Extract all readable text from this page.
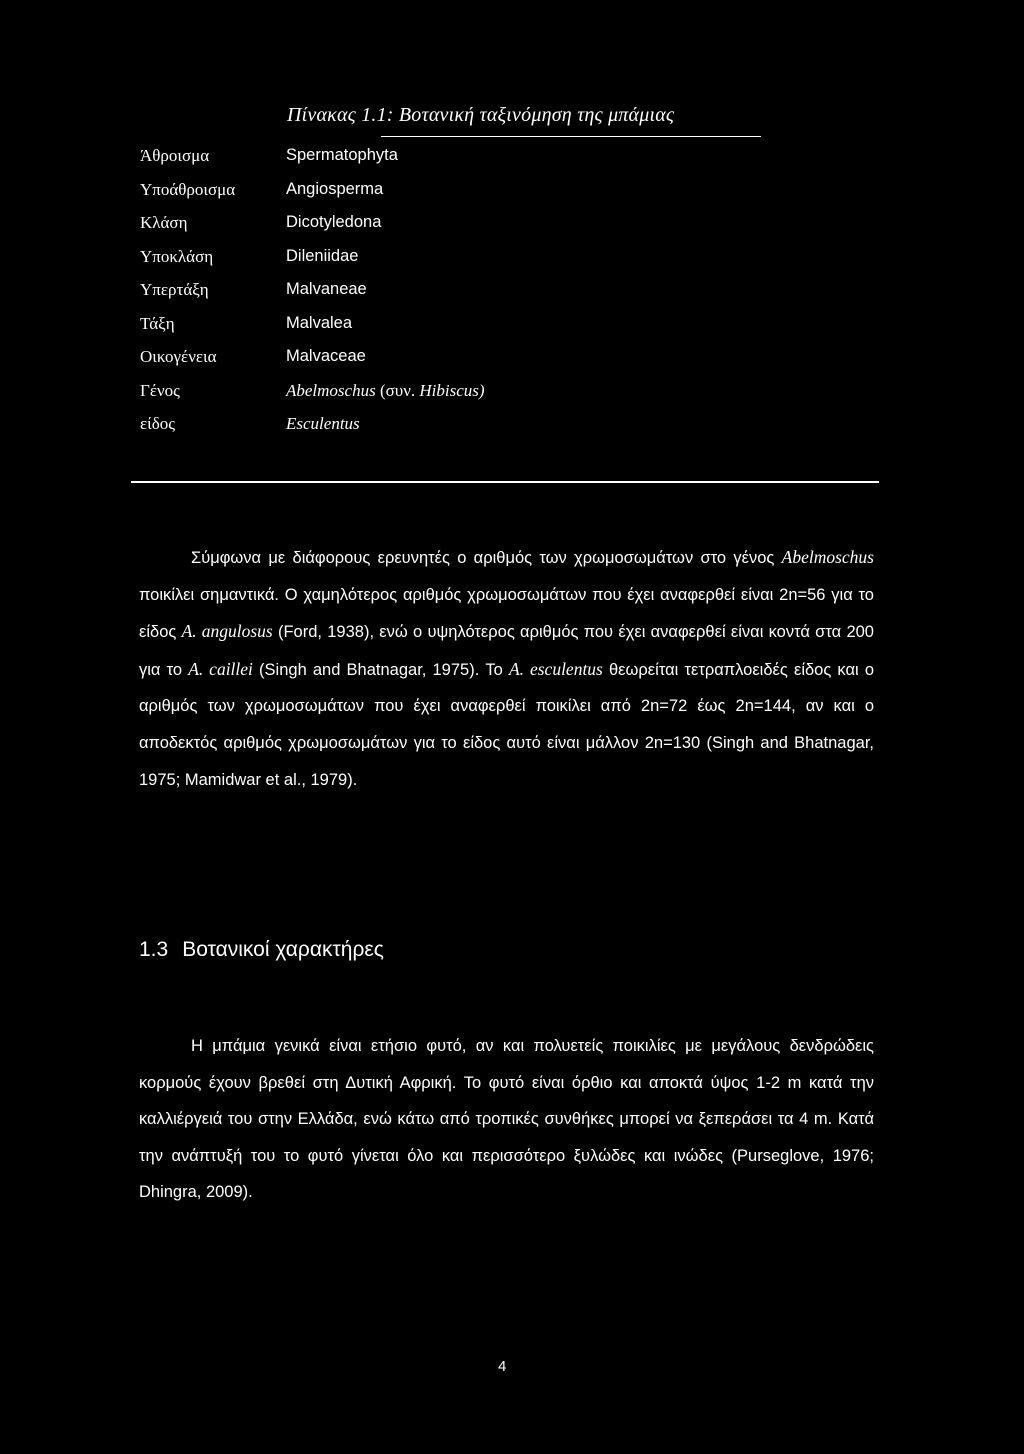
Πίνακας 1.1: Βοτανική ταξινόμηση της μπάμιας
Άθροισμα	Spermatophyta
Υποάθροισμα	Angiosperma
Κλάση	Dicotyledona
Υποκλάση	Dileniidae
Υπερτάξη	Malvaneae
Τάξη	Malvalea
Οικογένεια	Malvaceae
Γένος	Abelmoschus (συν. Hibiscus)
είδος	Esculentus

Σύμφωνα με διάφορους ερευνητές ο αριθμός των χρωμοσωμάτων στο γένος Abelmoschus ποικίλει σημαντικά. Ο χαμηλότερος αριθμός χρωμοσωμάτων που έχει αναφερθεί είναι 2n=56 για το είδος A. angulosus (Ford, 1938), ενώ ο υψηλότερος αριθμός που έχει αναφερθεί είναι κοντά στα 200 για το A. caillei (Singh and Bhatnagar, 1975). Το A. esculentus θεωρείται τετραπλοειδές είδος και ο αριθμός των χρωμοσωμάτων που έχει αναφερθεί ποικίλει από 2n=72 έως 2n=144, αν και ο αποδεκτός αριθμός χρωμοσωμάτων για το είδος αυτό είναι μάλλον 2n=130 (Singh and Bhatnagar, 1975; Mamidwar et al., 1979).

1.3 Βοτανικοί χαρακτήρες

Η μπάμια γενικά είναι ετήσιο φυτό, αν και πολυετείς ποικιλίες με μεγάλους δενδρώδεις κορμούς έχουν βρεθεί στη Δυτική Αφρική. Το φυτό είναι όρθιο και αποκτά ύψος 1-2 m κατά την καλλιέργειά του στην Ελλάδα, ενώ κάτω από τροπικές συνθήκες μπορεί να ξεπεράσει τα 4 m. Κατά την ανάπτυξή του το φυτό γίνεται όλο και περισσότερο ξυλώδες και ινώδες (Purseglove, 1976; Dhingra, 2009).

4
